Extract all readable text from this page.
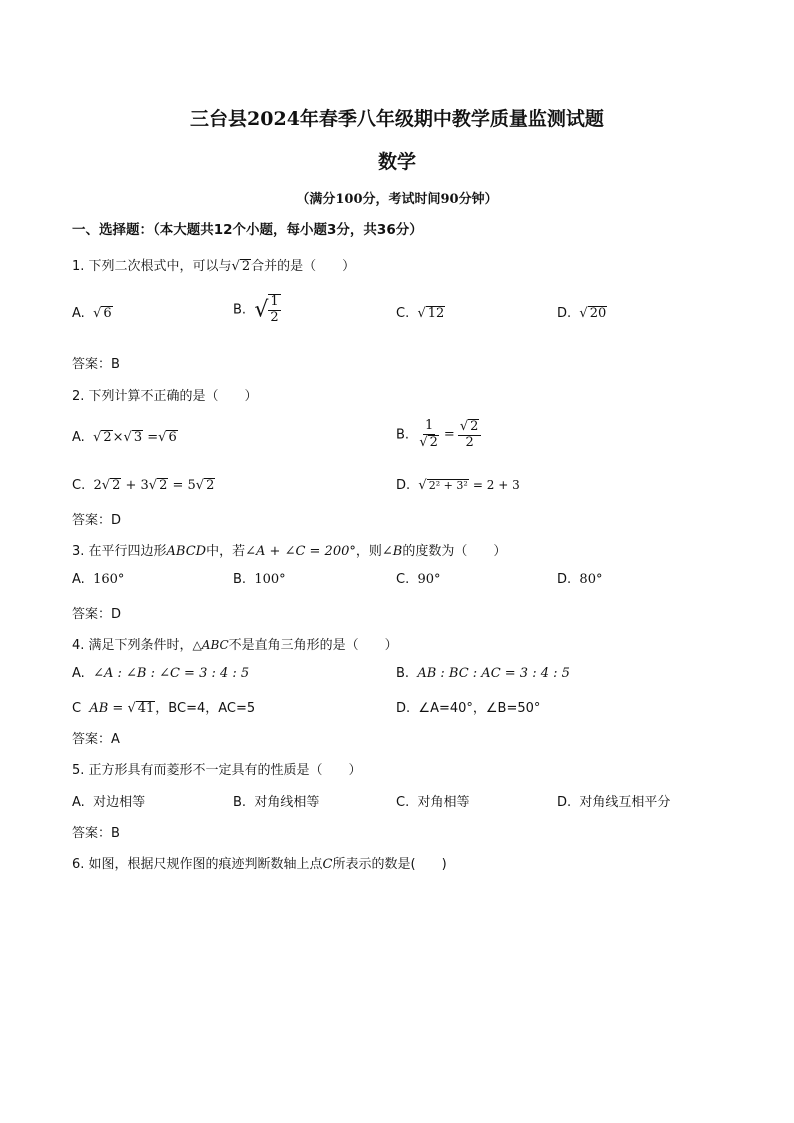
三台县2024年春季八年级期中教学质量监测试题
数学
（满分100分，考试时间90分钟）
一、选择题：（本大题共12个小题，每小题3分，共36分）
1. 下列二次根式中，可以与√ 2合并的是（　　）
A. √ 6	B. √ $\frac{1}{2}$	C. √ 12	D. √ 20
答案：B
2. 下列计算不正确的是（　　）
A. √ 2×√ 3 =√ 6	B. $\frac{1}{√ 2} = \frac{√ 2}{2}$
C. 2√ 2 + 3√ 2 = 5√ 2	D. √ 2² + 3² = 2 + 3
答案：D
3. 在平行四边形ABCD中，若∠A + ∠C = 200°，则∠B的度数为（　　）
A. 160°	B. 100°	C. 90°	D. 80°
答案：D
4. 满足下列条件时，△ABC不是直角三角形的是（　　）
A. ∠A : ∠B : ∠C = 3 : 4 : 5	B. AB : BC : AC = 3 : 4 : 5
C AB = √ 41，BC=4，AC=5	D. ∠A=40°，∠B=50°
答案：A
5. 正方形具有而菱形不一定具有的性质是（　　）
A. 对边相等	B. 对角线相等	C. 对角相等	D. 对角线互相平分
答案：B
6. 如图，根据尺规作图的痕迹判断数轴上点C所表示的数是(　　)
